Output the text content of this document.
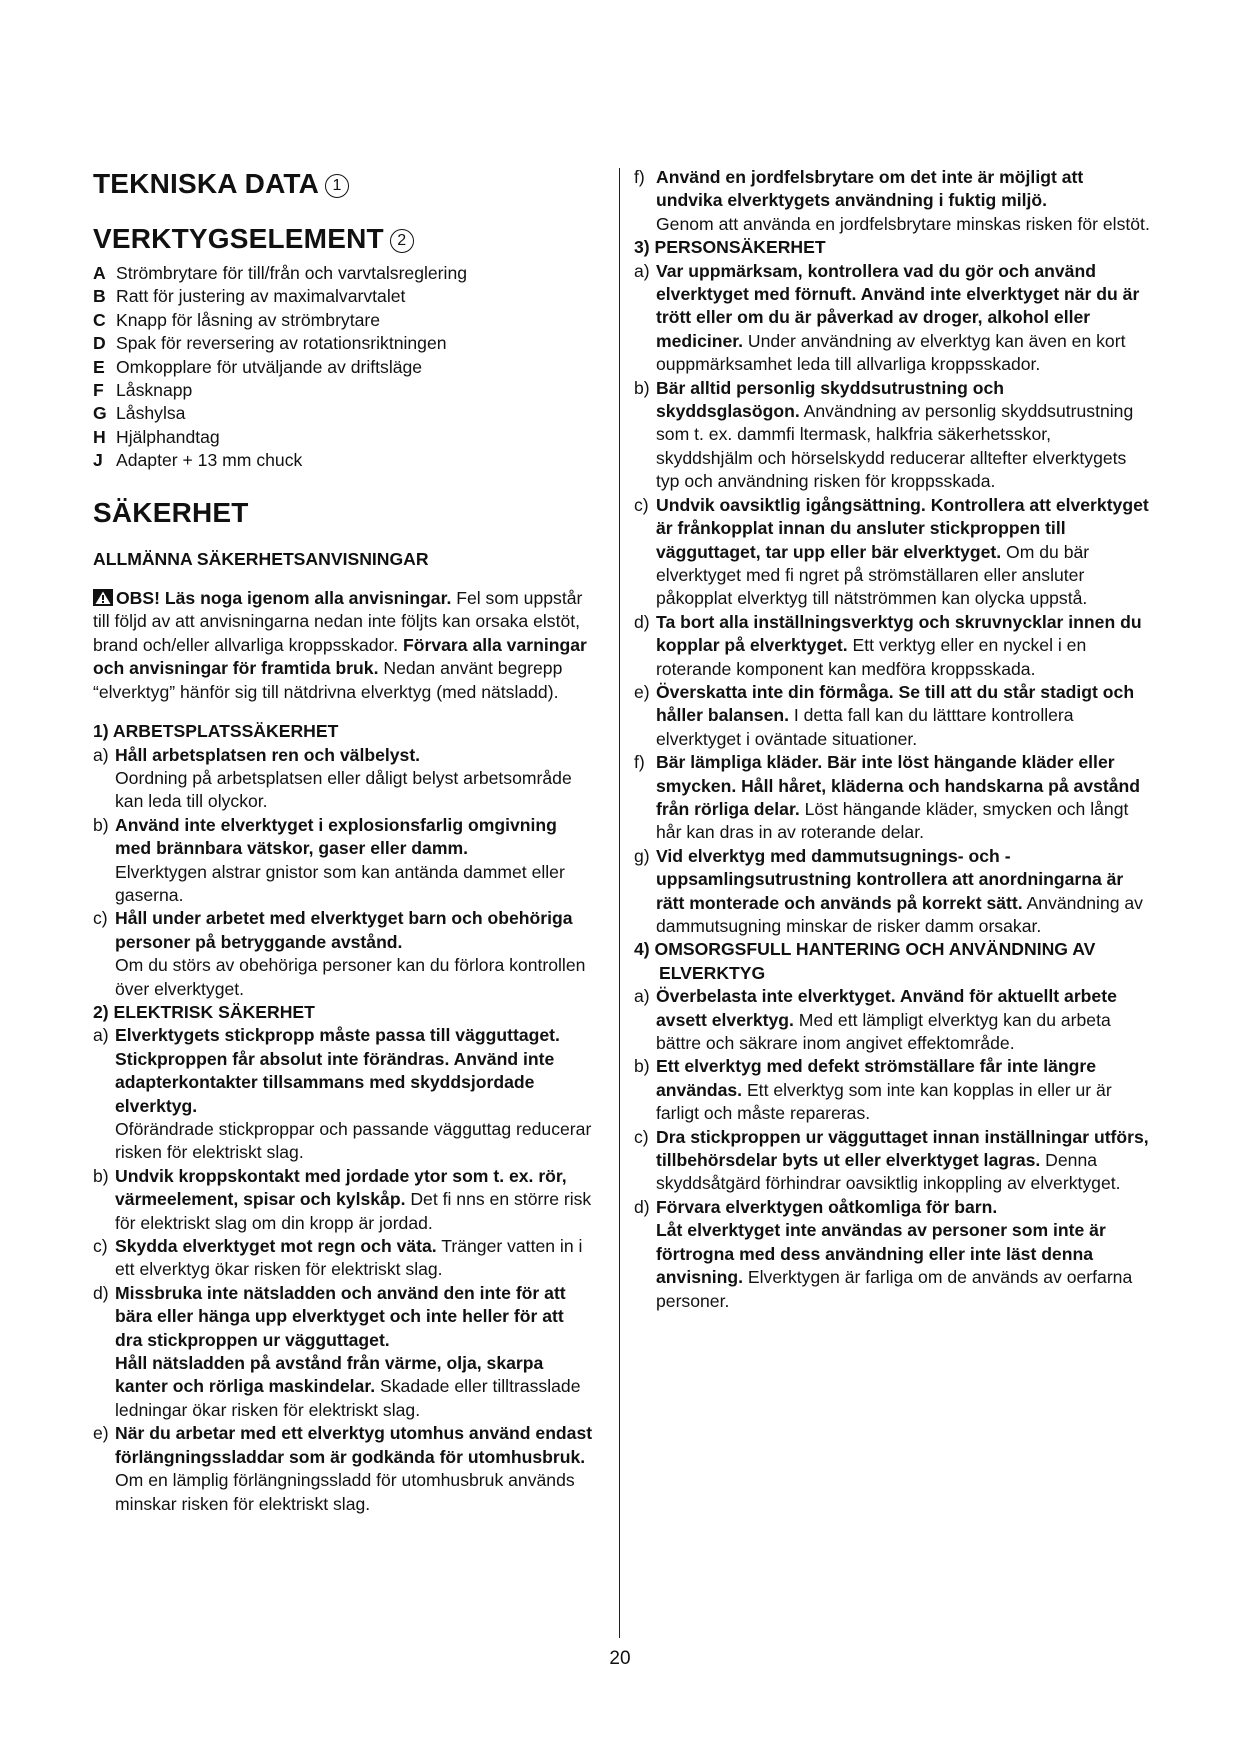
TEKNISKA DATA 1
VERKTYGSELEMENT 2
A Strömbrytare för till/från och varvtalsreglering
B Ratt för justering av maximalvarvtalet
C Knapp för låsning av strömbrytare
D Spak för reversering av rotationsriktningen
E Omkopplare för utväljande av driftsläge
F Låsknapp
G Låshylsa
H Hjälphandtag
J Adapter + 13 mm chuck
SÄKERHET

ALLMÄNNA SÄKERHETSANVISNINGAR

OBS! Läs noga igenom alla anvisningar. Fel som uppstår till följd av att anvisningarna nedan inte följts kan orsaka elstöt, brand och/eller allvarliga kroppsskador. Förvara alla varningar och anvisningar för framtida bruk. Nedan använt begrepp “elverktyg” hänför sig till nätdrivna elverktyg (med nätsladd).

1) ARBETSPLATSSÄKERHET

a) Håll arbetsplatsen ren och välbelyst.
Oordning på arbetsplatsen eller dåligt belyst arbetsområde kan leda till olyckor.
b) Använd inte elverktyget i explosionsfarlig omgivning med brännbara vätskor, gaser eller damm.
Elverktygen alstrar gnistor som kan antända dammet eller gaserna.
c) Håll under arbetet med elverktyget barn och obehöriga personer på betryggande avstånd.
Om du störs av obehöriga personer kan du förlora kontrollen över elverktyget.

2) ELEKTRISK SÄKERHET

a) Elverktygets stickpropp måste passa till vägguttaget. Stickproppen får absolut inte förändras. Använd inte adapterkontakter tillsammans med skyddsjordade elverktyg.
Oförändrade stickproppar och passande vägguttag reducerar risken för elektriskt slag.
b) Undvik kroppskontakt med jordade ytor som t. ex. rör, värmeelement, spisar och kylskåp. Det fi nns en större risk för elektriskt slag om din kropp är jordad.
c) Skydda elverktyget mot regn och väta. Tränger vatten in i ett elverktyg ökar risken för elektriskt slag.
d) Missbruka inte nätsladden och använd den inte för att bära eller hänga upp elverktyget och inte heller för att dra stickproppen ur vägguttaget.
Håll nätsladden på avstånd från värme, olja, skarpa kanter och rörliga maskindelar. Skadade eller tilltrasslade ledningar ökar risken för elektriskt slag.
e) När du arbetar med ett elverktyg utomhus använd endast förlängningssladdar som är godkända för utomhusbruk. Om en lämplig förlängningssladd för utomhusbruk används minskar risken för elektriskt slag.
f) Använd en jordfelsbrytare om det inte är möjligt att undvika elverktygets användning i fuktig miljö.
Genom att använda en jordfelsbrytare minskas risken för elstöt.

3) PERSONSÄKERHET

a) Var uppmärksam, kontrollera vad du gör och använd elverktyget med förnuft. Använd inte elverktyget när du är trött eller om du är påverkad av droger, alkohol eller mediciner. Under användning av elverktyg kan även en kort ouppmärksamhet leda till allvarliga kroppsskador.
b) Bär alltid personlig skyddsutrustning och skyddsglasögon. Användning av personlig skyddsutrustning som t. ex. dammfi ltermask, halkfria säkerhetsskor, skyddshjälm och hörselskydd reducerar alltefter elverktygets typ och användning risken för kroppsskada.
c) Undvik oavsiktlig igångsättning. Kontrollera att elverktyget är frånkopplat innan du ansluter stickproppen till vägguttaget, tar upp eller bär elverktyget. Om du bär elverktyget med fi ngret på strömställaren eller ansluter påkopplat elverktyg till nätströmmen kan olycka uppstå.
d) Ta bort alla inställningsverktyg och skruvnycklar innen du kopplar på elverktyget. Ett verktyg eller en nyckel i en roterande komponent kan medföra kroppsskada.
e) Överskatta inte din förmåga. Se till att du står stadigt och håller balansen. I detta fall kan du lätttare kontrollera elverktyget i oväntade situationer.
f) Bär lämpliga kläder. Bär inte löst hängande kläder eller smycken. Håll håret, kläderna och handskarna på avstånd från rörliga delar. Löst hängande kläder, smycken och långt hår kan dras in av roterande delar.
g) Vid elverktyg med dammutsugnings- och -uppsamlingsutrustning kontrollera att anordningarna är rätt monterade och används på korrekt sätt. Användning av dammutsugning minskar de risker damm orsakar.

4) OMSORGSFULL HANTERING OCH ANVÄNDNING AV ELVERKTYG

a) Överbelasta inte elverktyget. Använd för aktuellt arbete avsett elverktyg. Med ett lämpligt elverktyg kan du arbeta bättre och säkrare inom angivet effektområde.
b) Ett elverktyg med defekt strömställare får inte längre användas. Ett elverktyg som inte kan kopplas in eller ur är farligt och måste repareras.
c) Dra stickproppen ur vägguttaget innan inställningar utförs, tillbehörsdelar byts ut eller elverktyget lagras. Denna skyddsåtgärd förhindrar oavsiktlig inkoppling av elverktyget.
d) Förvara elverktygen oåtkomliga för barn.
Låt elverktyget inte användas av personer som inte är förtrogna med dess användning eller inte läst denna anvisning. Elverktygen är farliga om de används av oerfarna personer.
20
